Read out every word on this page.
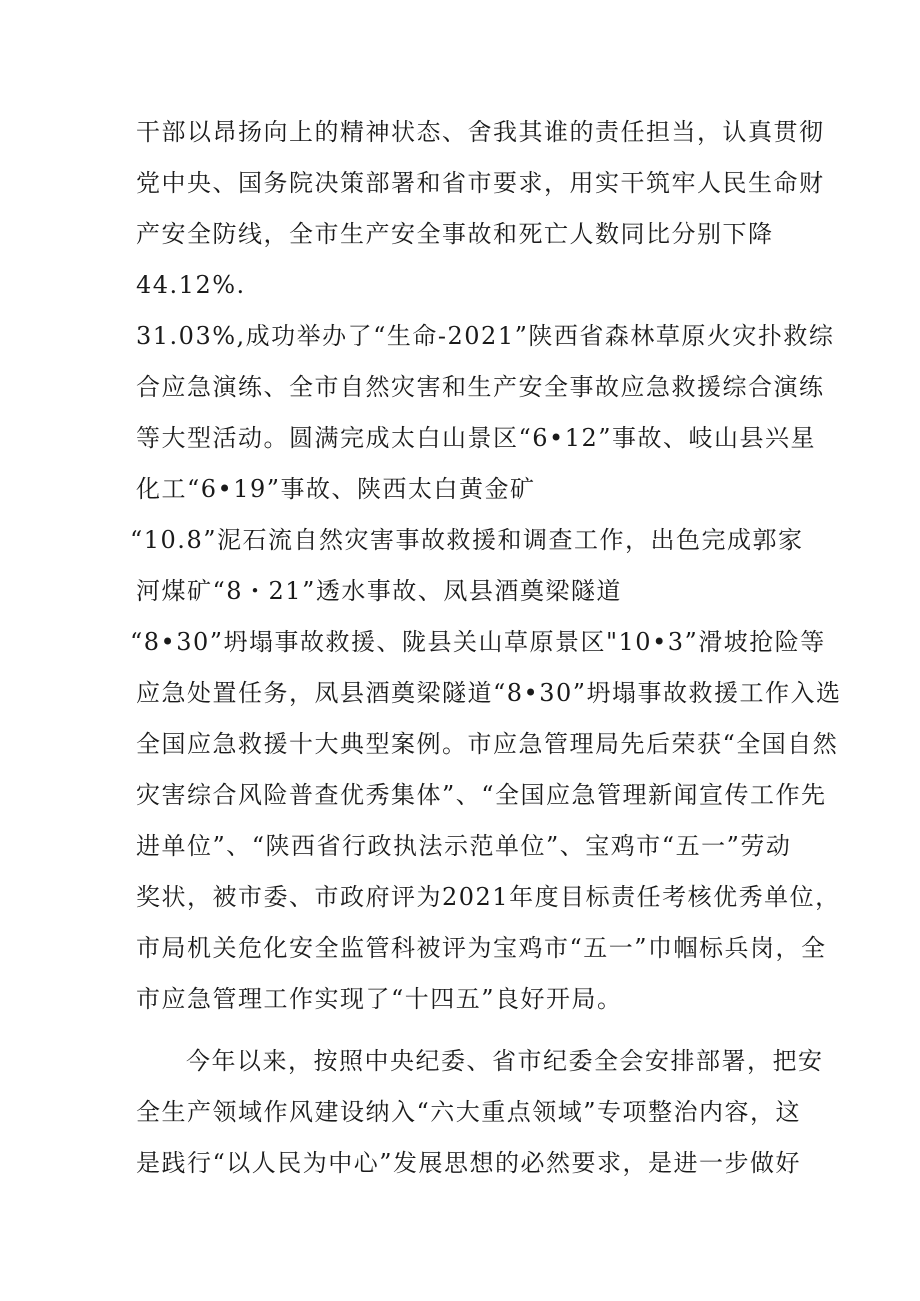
干部以昂扬向上的精神状态、舍我其谁的责任担当，认真贯彻
党中央、国务院决策部署和省市要求，用实干筑牢人民生命财
产安全防线，全市生产安全事故和死亡人数同比分别下降
44.12%.
31.03%,成功举办了“生命-2021”陕西省森林草原火灾扑救综
合应急演练、全市自然灾害和生产安全事故应急救援综合演练
等大型活动。圆满完成太白山景区“6•12”事故、岐山县兴星
化工“6•19”事故、陕西太白黄金矿
“10.8”泥石流自然灾害事故救援和调查工作，出色完成郭家
河煤矿“8・21”透水事故、凤县酒奠梁隧道
“8•30”坍塌事故救援、陇县关山草原景区"10•3”滑坡抢险等
应急处置任务，凤县酒奠梁隧道“8•30”坍塌事故救援工作入选
全国应急救援十大典型案例。市应急管理局先后荣获“全国自然
灾害综合风险普查优秀集体”、“全国应急管理新闻宣传工作先
进单位”、“陕西省行政执法示范单位”、宝鸡市“五一”劳动
奖状，被市委、市政府评为2021年度目标责任考核优秀单位，
市局机关危化安全监管科被评为宝鸡市“五一”巾帼标兵岗，全
市应急管理工作实现了“十四五”良好开局。
今年以来，按照中央纪委、省市纪委全会安排部署，把安
全生产领域作风建设纳入“六大重点领域”专项整治内容，这
是践行“以人民为中心”发展思想的必然要求，是进一步做好
